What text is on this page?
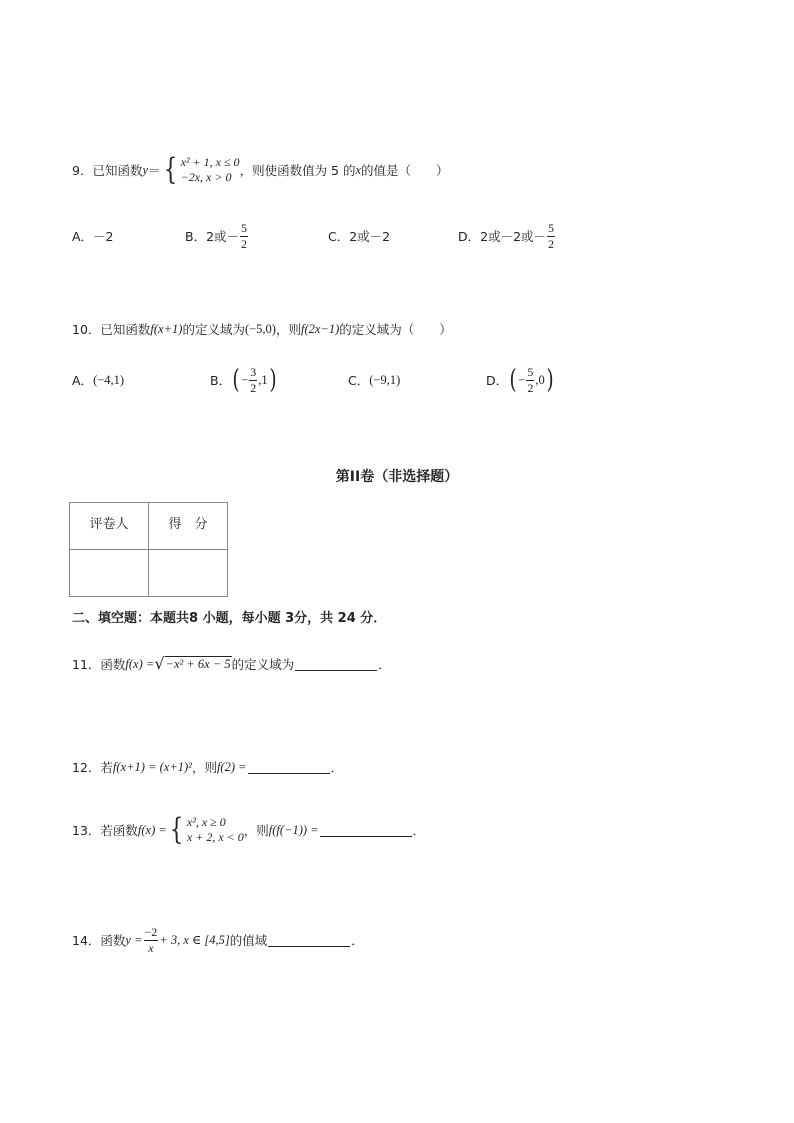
9．已知函数 y ＝ { x² + 1, x ≤ 0
−2x, x > 0 ，则使函数值为 5 的 x 的值是（　　）
A．－2	B．2或－ $\frac{5}{2}$	C．2或－2	D．2或－2或－ $\frac{5}{2}$
10．已知函数 f(x+1) 的定义域为 (−5,0) ，则 f(2x−1) 的定义域为（　　）
A． (−4,1)	B． ( − $\frac{3}{2} ,1$ )	C． (−9,1)	D． ( − $\frac{5}{2} ,0$ )
第II卷（非选择题）
评卷人	得　分

二、填空题：本题共8 小题，每小题 3分，共 24 分．
11．函数 f(x) = √ −x² + 6x − 5 的定义域为	．
12．若 f(x+1) = (x+1)² ，则 f(2) =	．
13．若函数 f(x) = { x², x ≥ 0
x + 2, x < 0 ，则 f(f(−1)) =	．
14．函数 $y = \frac{-2}{x} + 3$, x ∈ [4,5] 的值域	．
